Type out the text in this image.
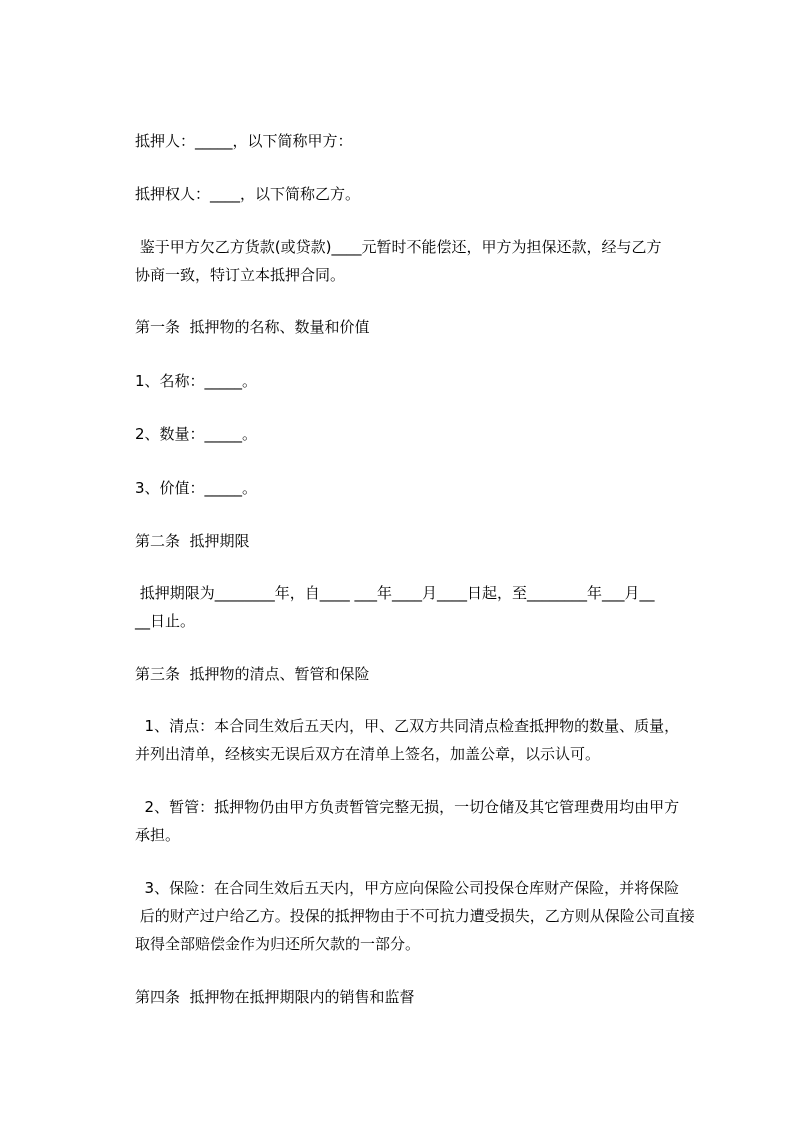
抵押人：_____，以下简称甲方：

抵押权人：____，以下简称乙方。

鉴于甲方欠乙方货款(或贷款)____元暂时不能偿还，甲方为担保还款，经与乙方

协商一致，特订立本抵押合同。

第一条  抵押物的名称、数量和价值

1、名称：_____。

2、数量：_____。

3、价值：_____。

第二条  抵押期限

抵押期限为________年，自____ ___年____月____日起，至________年___月__

__日止。

第三条  抵押物的清点、暂管和保险

1、清点：本合同生效后五天内，甲、乙双方共同清点检查抵押物的数量、质量，

并列出清单，经核实无误后双方在清单上签名，加盖公章，以示认可。

2、暂管：抵押物仍由甲方负责暂管完整无损，一切仓储及其它管理费用均由甲方

承担。

3、保险：在合同生效后五天内，甲方应向保险公司投保仓库财产保险，并将保险

后的财产过户给乙方。投保的抵押物由于不可抗力遭受损失，乙方则从保险公司直接

取得全部赔偿金作为归还所欠款的一部分。

第四条  抵押物在抵押期限内的销售和监督
